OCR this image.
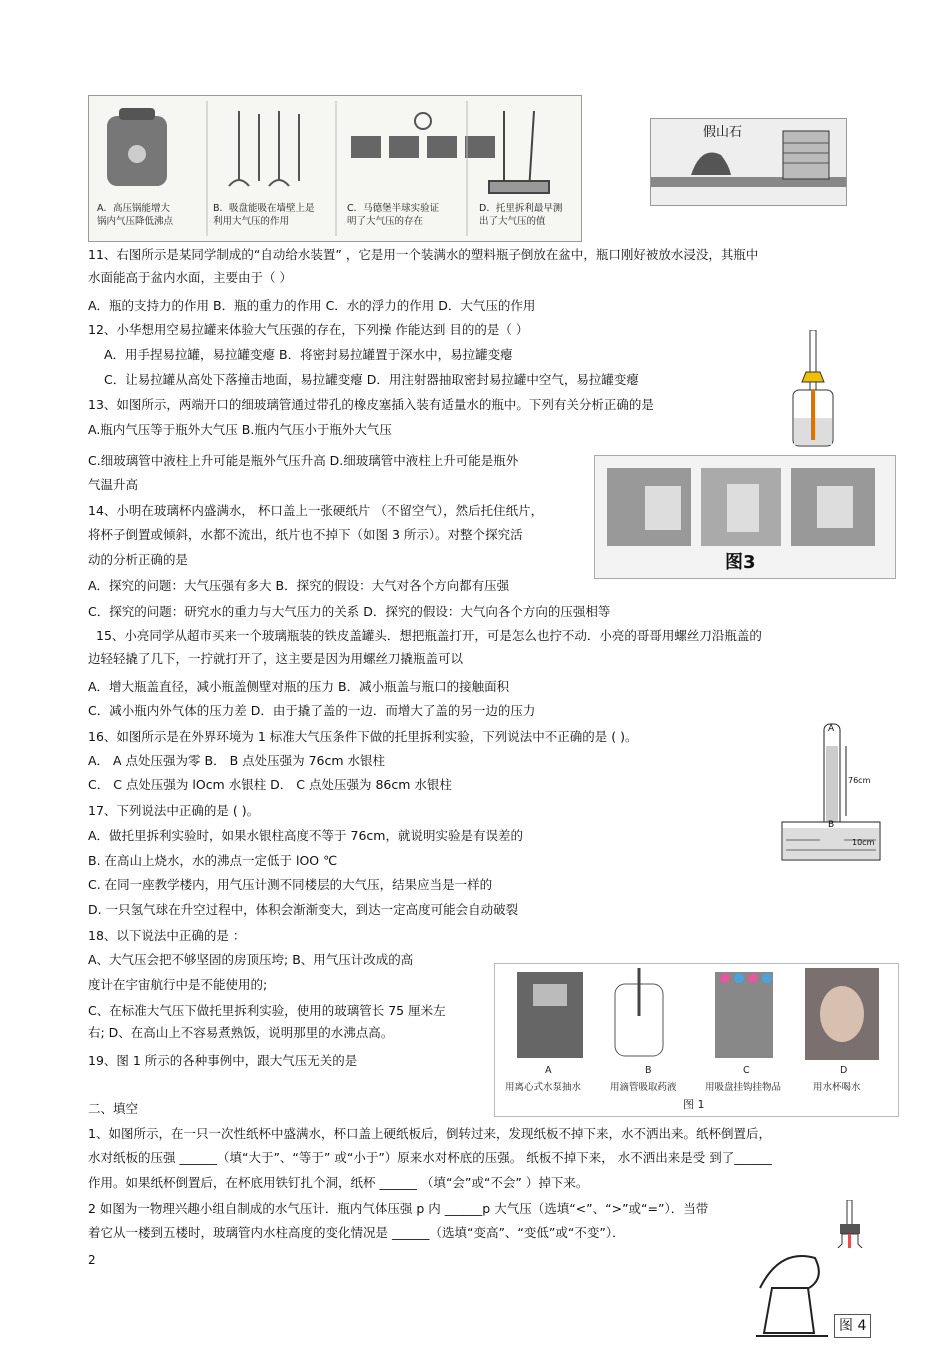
A．高压锅能增大
锅内气压降低沸点
B．吸盘能吸在墙壁上是
利用大气压的作用
C．马德堡半球实验证
明了大气压的存在
D．托里拆利最早测
出了大气压的值
假山石
11、右图所示是某同学制成的“自动给水装置” ，它是用一个装满水的塑料瓶子倒放在盆中，瓶口刚好被放水浸没，其瓶中
水面能高于盆内水面，主要由于（ ）
A．瓶的支持力的作用 B．瓶的重力的作用 C．水的浮力的作用 D．大气压的作用
12、小华想用空易拉罐来体验大气压强的存在，下列操 作能达到 目的的是（ ）
A．用手捏易拉罐，易拉罐变瘪 B．将密封易拉罐置于深水中，易拉罐变瘪
C．让易拉罐从高处下落撞击地面，易拉罐变瘪 D．用注射器抽取密封易拉罐中空气，易拉罐变瘪
13、如图所示，两端开口的细玻璃管通过带孔的橡皮塞插入装有适量水的瓶中。下列有关分析正确的是
A.瓶内气压等于瓶外大气压 B.瓶内气压小于瓶外大气压
C.细玻璃管中液柱上升可能是瓶外气压升高 D.细玻璃管中液柱上升可能是瓶外
气温升高
图3
14、小明在玻璃杯内盛满水， 杯口盖上一张硬纸片 （不留空气），然后托住纸片，
将杯子倒置或倾斜，水都不流出，纸片也不掉下（如图 3 所示）。对整个探究活
动的分析正确的是
A．探究的问题：大气压强有多大 B．探究的假设：大气对各个方向都有压强
C．探究的问题：研究水的重力与大气压力的关系 D．探究的假设：大气向各个方向的压强相等
15、小亮同学从超市买来一个玻璃瓶装的铁皮盖罐头．想把瓶盖打开，可是怎么也拧不动．小亮的哥哥用螺丝刀沿瓶盖的
边轻轻撬了几下，一拧就打开了，这主要是因为用螺丝刀撬瓶盖可以
A．增大瓶盖直径，减小瓶盖侧壁对瓶的压力 B．减小瓶盖与瓶口的接触面积
C．减小瓶内外气体的压力差 D．由于撬了盖的一边．而增大了盖的另一边的压力
16、如图所示是在外界环境为 1 标准大气压条件下做的托里拆利实验，下列说法中不正确的是 ( )。
A． A 点处压强为零 B． B 点处压强为 76cm 水银柱
C． C 点处压强为 lOcm 水银柱 D． C 点处压强为 86cm 水银柱
A
76cm
B
10cm
17、下列说法中正确的是 ( )。
A．做托里拆利实验时，如果水银柱高度不等于 76cm，就说明实验是有误差的
B. 在高山上烧水，水的沸点一定低于 lOO ℃
C. 在同一座教学楼内，用气压计测不同楼层的大气压，结果应当是一样的
D. 一只氢气球在升空过程中，体积会渐渐变大，到达一定高度可能会自动破裂
18、以下说法中正确的是 ：
A、大气压会把不够坚固的房顶压垮; B、用气压计改成的高
度计在宇宙航行中是不能使用的;
C、在标准大气压下做托里拆利实验，使用的玻璃管长 75 厘米左
右; D、在高山上不容易煮熟饭，说明那里的水沸点高。
19、图 1 所示的各种事例中，跟大气压无关的是
A	B	C	D
用离心式水泵抽水	用滴管吸取药液	用吸盘挂钩挂物品	用水杯喝水
图 1
二、填空
1、如图所示，在一只一次性纸杯中盛满水，杯口盖上硬纸板后，倒转过来，发现纸板不掉下来，水不洒出来。纸杯倒置后，
水对纸板的压强 ______（填“大于”、“等于” 或“小于”）原来水对杯底的压强。 纸板不掉下来， 水不洒出来是受 到了______
作用。如果纸杯倒置后，在杯底用铁钉扎个洞，纸杯 ______ （填“会”或“不会” ）掉下来。
2 如图为一物理兴趣小组自制成的水气压计．瓶内气体压强 p 内 ______p 大气压（选填“<”、“>”或“=”）．当带
着它从一楼到五楼时，玻璃管内水柱高度的变化情况是 ______（选填“变高”、“变低”或“不变”）．
图 4
2
